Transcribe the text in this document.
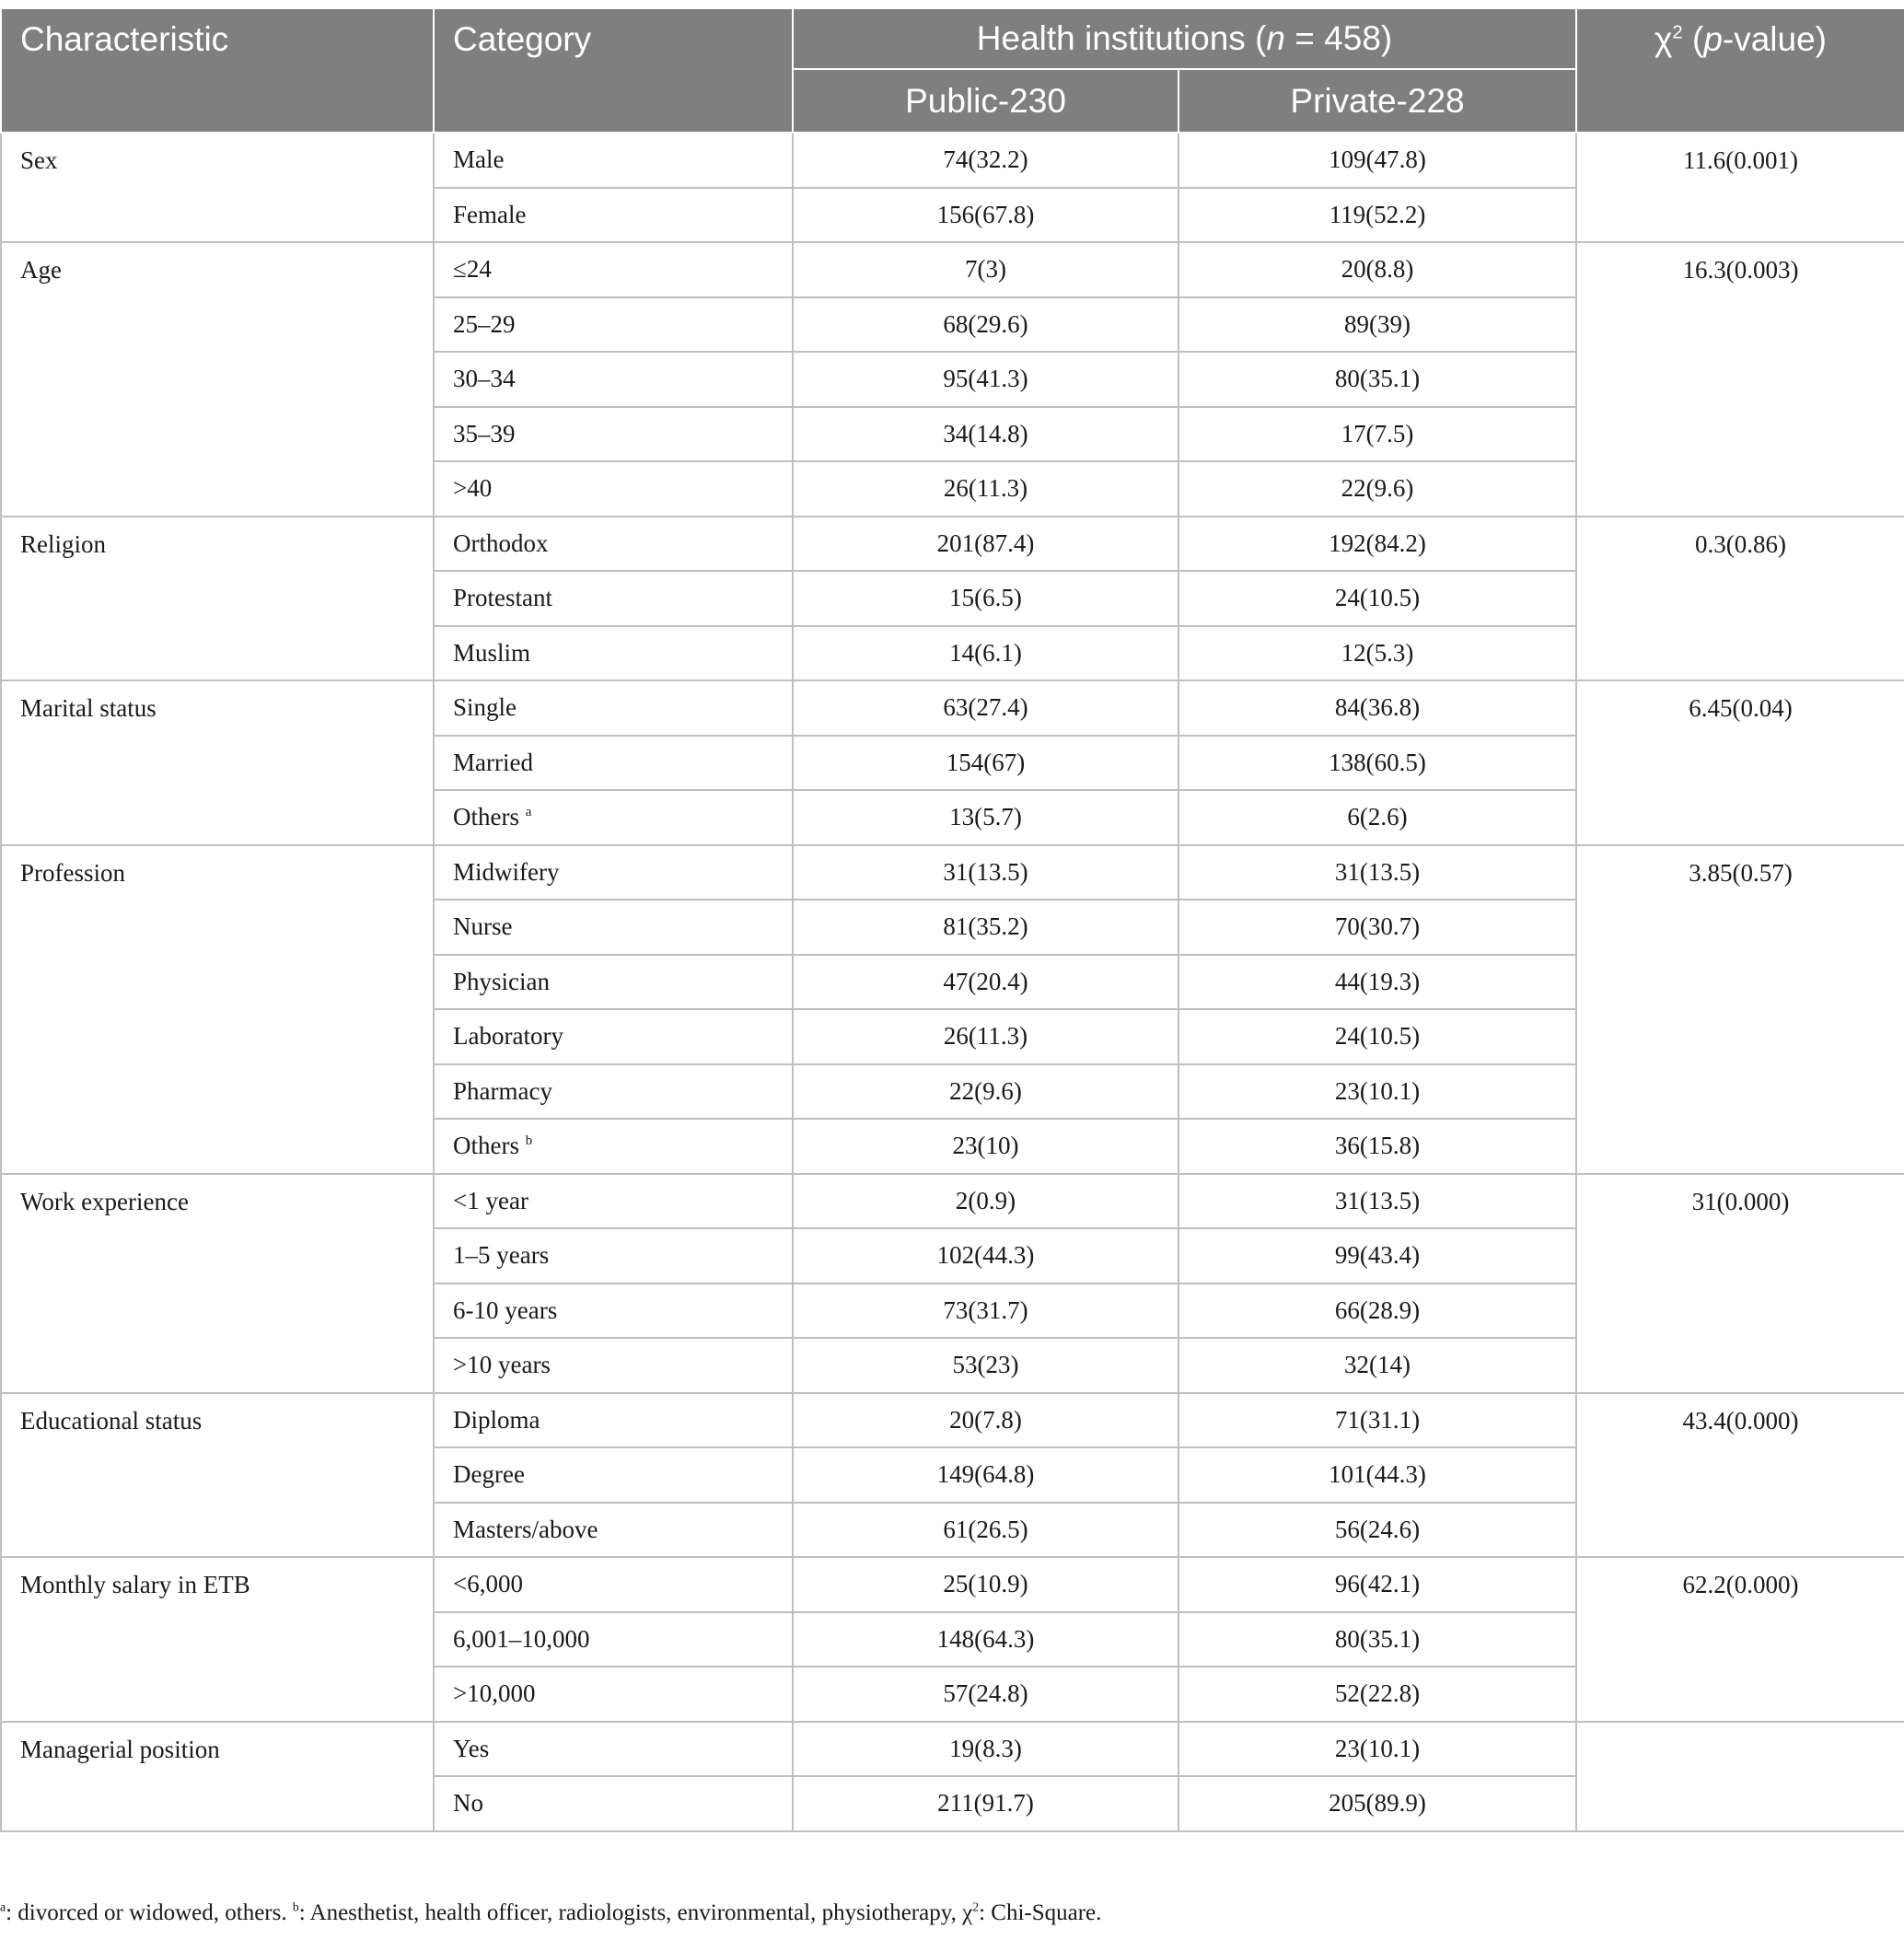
Characteristic	Category	Health institutions (n = 458)		$\chi^2$ (p-value)
		Public-230	Private-228	
Sex	Male	74(32.2)	109(47.8)	11.6(0.001)
	Female	156(67.8)	119(52.2)	
Age	≤24	7(3)	20(8.8)	16.3(0.003)
	25–29	68(29.6)	89(39)	
	30–34	95(41.3)	80(35.1)	
	35–39	34(14.8)	17(7.5)	
	>40	26(11.3)	22(9.6)	
Religion	Orthodox	201(87.4)	192(84.2)	0.3(0.86)
	Protestant	15(6.5)	24(10.5)	
	Muslim	14(6.1)	12(5.3)	
Marital status	Single	63(27.4)	84(36.8)	6.45(0.04)
	Married	154(67)	138(60.5)	
	Others $^a$	13(5.7)	6(2.6)	
Profession	Midwifery	31(13.5)	31(13.5)	3.85(0.57)
	Nurse	81(35.2)	70(30.7)	
	Physician	47(20.4)	44(19.3)	
	Laboratory	26(11.3)	24(10.5)	
	Pharmacy	22(9.6)	23(10.1)	
	Others $^b$	23(10)	36(15.8)	
Work experience	<1 year	2(0.9)	31(13.5)	31(0.000)
	1–5 years	102(44.3)	99(43.4)	
	6-10 years	73(31.7)	66(28.9)	
	>10 years	53(23)	32(14)	
Educational status	Diploma	20(7.8)	71(31.1)	43.4(0.000)
	Degree	149(64.8)	101(44.3)	
	Masters/above	61(26.5)	56(24.6)	
Monthly salary in ETB	<6,000	25(10.9)	96(42.1)	62.2(0.000)
	6,001–10,000	148(64.3)	80(35.1)	
	>10,000	57(24.8)	52(22.8)	
Managerial position	Yes	19(8.3)	23(10.1)	
	No	211(91.7)	205(89.9)	
$^a$: divorced or widowed, others. $^b$: Anesthetist, health officer, radiologists, environmental, physiotherapy, $\chi^2$: Chi-Square.
